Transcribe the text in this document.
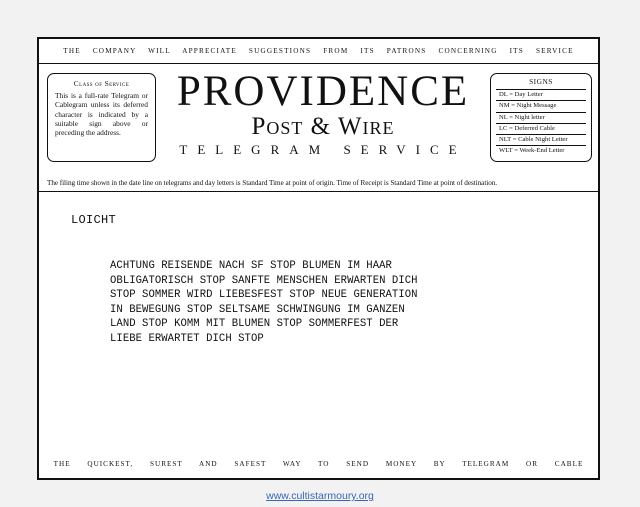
THE COMPANY WILL APPRECIATE SUGGESTIONS FROM ITS PATRONS CONCERNING ITS SERVICE
Class of Service
This is a full-rate Telegram or Cablegram unless its deferred character is indicated by a suitable sign above or preceding the address.
PROVIDENCE
Post & Wire
TELEGRAM SERVICE
SIGNS
DL = Day Letter
NM = Night Message
NL = Night letter
LC = Deferred Cable
NLT = Cable Night Letter
WLT = Week-End Letter
The filing time shown in the date line on telegrams and day letters is Standard Time at point of origin. Time of Receipt is Standard Time at point of destination.
LOICHT
ACHTUNG REISENDE NACH SF STOP BLUMEN IM HAAR
OBLIGATORISCH STOP SANFTE MENSCHEN ERWARTEN DICH
STOP SOMMER WIRD LIEBESFEST STOP NEUE GENERATION
IN BEWEGUNG STOP SELTSAME SCHWINGUNG IM GANZEN
LAND STOP KOMM MIT BLUMEN STOP SOMMERFEST DER
LIEBE ERWARTET DICH STOP
THE QUICKEST, SUREST AND SAFEST WAY TO SEND MONEY BY TELEGRAM OR CABLE
www.cultistarmoury.org
